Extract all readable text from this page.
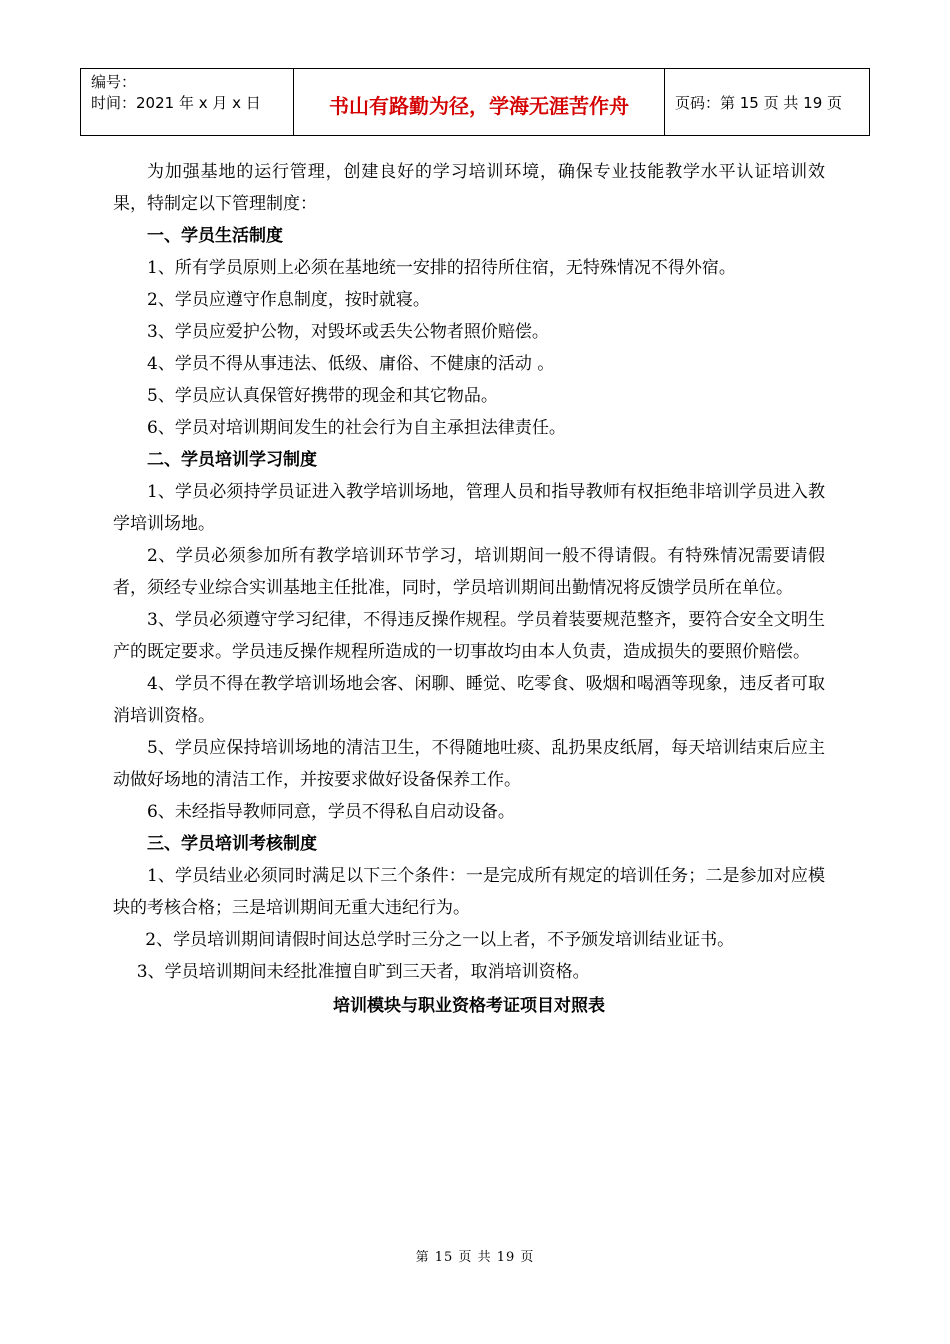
编号：
时间：2021 年 x 月 x 日	书山有路勤为径，学海无涯苦作舟	页码：第 15 页 共 19 页

为加强基地的运行管理，创建良好的学习培训环境，确保专业技能教学水平认证培训效果，特制定以下管理制度：

一、学员生活制度

1、所有学员原则上必须在基地统一安排的招待所住宿，无特殊情况不得外宿。

2、学员应遵守作息制度，按时就寝。

3、学员应爱护公物，对毁坏或丢失公物者照价赔偿。

4、学员不得从事违法、低级、庸俗、不健康的活动 。

5、学员应认真保管好携带的现金和其它物品。

6、学员对培训期间发生的社会行为自主承担法律责任。

二、学员培训学习制度

1、学员必须持学员证进入教学培训场地，管理人员和指导教师有权拒绝非培训学员进入教学培训场地。

2、学员必须参加所有教学培训环节学习，培训期间一般不得请假。有特殊情况需要请假者，须经专业综合实训基地主任批准，同时，学员培训期间出勤情况将反馈学员所在单位。

3、学员必须遵守学习纪律，不得违反操作规程。学员着装要规范整齐，要符合安全文明生产的既定要求。学员违反操作规程所造成的一切事故均由本人负责，造成损失的要照价赔偿。

4、学员不得在教学培训场地会客、闲聊、睡觉、吃零食、吸烟和喝酒等现象，违反者可取消培训资格。

5、学员应保持培训场地的清洁卫生，不得随地吐痰、乱扔果皮纸屑，每天培训结束后应主动做好场地的清洁工作，并按要求做好设备保养工作。

6、未经指导教师同意，学员不得私自启动设备。

三、学员培训考核制度

1、学员结业必须同时满足以下三个条件：一是完成所有规定的培训任务；二是参加对应模块的考核合格；三是培训期间无重大违纪行为。

2、学员培训期间请假时间达总学时三分之一以上者，不予颁发培训结业证书。

3、学员培训期间未经批准擅自旷到三天者，取消培训资格。

培训模块与职业资格考证项目对照表

第 15 页 共 19 页
